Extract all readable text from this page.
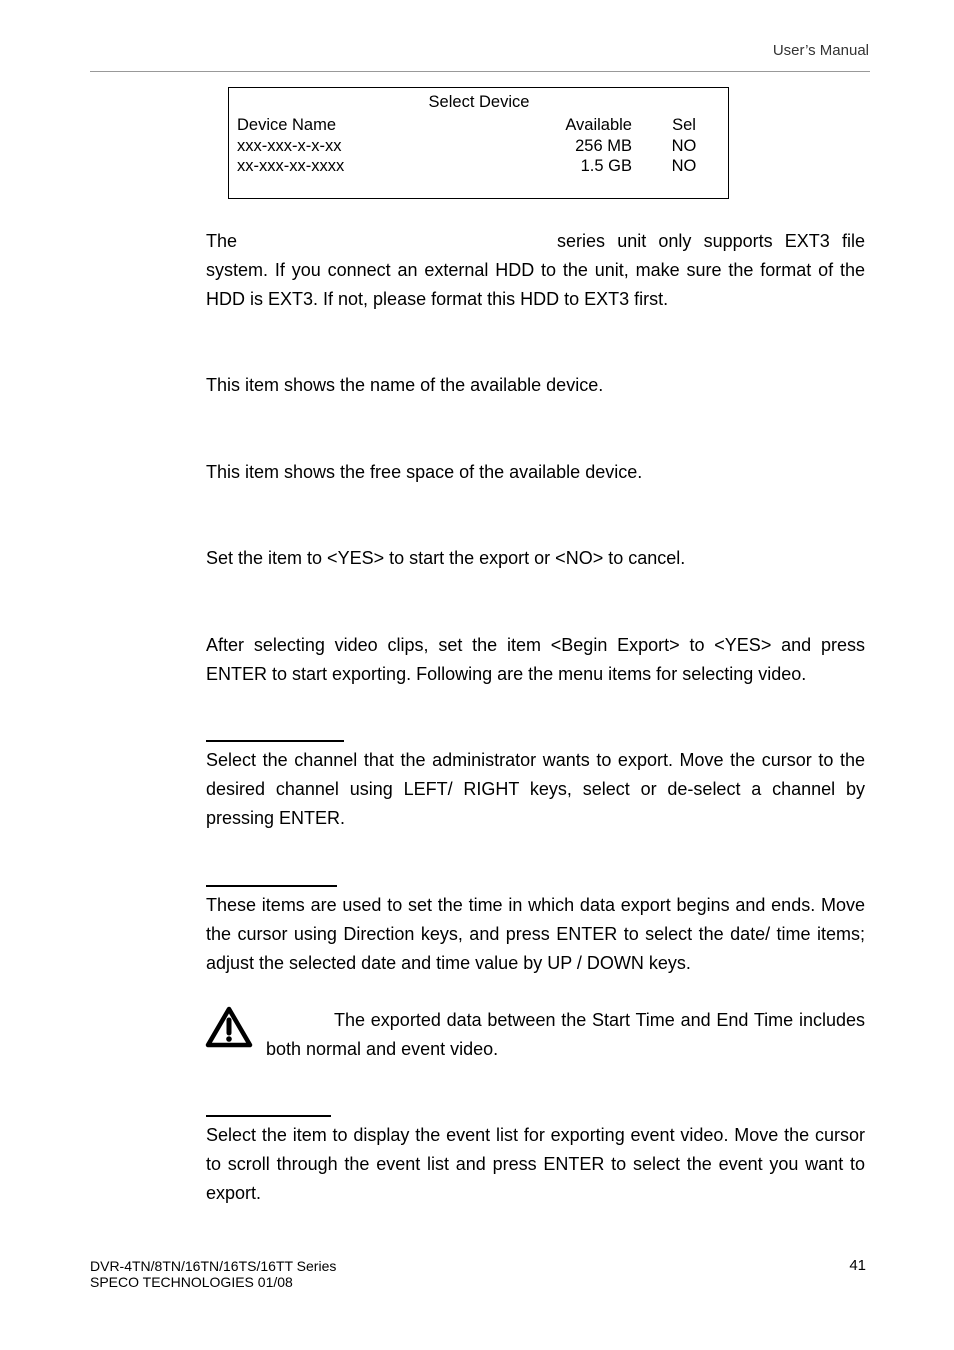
User’s Manual
Select Device
Device Name	Available	Sel
xxx-xxx-x-x-xx	256 MB	NO
xx-xxx-xx-xxxx	1.5 GB	NO

The	series unit only supports EXT3 file system. If you connect an external HDD to the unit, make sure the format of the HDD is EXT3. If not, please format this HDD to EXT3 first.

This item shows the name of the available device.

This item shows the free space of the available device.

Set the item to <YES> to start the export or <NO> to cancel.

After selecting video clips, set the item <Begin Export> to <YES> and press ENTER to start exporting. Following are the menu items for selecting video.

Select the channel that the administrator wants to export. Move the cursor to the desired channel using LEFT/ RIGHT keys, select or de-select a channel by pressing ENTER.

These items are used to set the time in which data export begins and ends. Move the cursor using Direction keys, and press ENTER to select the date/ time items; adjust the selected date and time value by UP / DOWN keys.

The exported data between the Start Time and End Time includes both normal and event video.

Select the item to display the event list for exporting event video. Move the cursor to scroll through the event list and press ENTER to select the event you want to export.

DVR-4TN/8TN/16TN/16TS/16TT Series
SPECO TECHNOLOGIES 01/08
41
